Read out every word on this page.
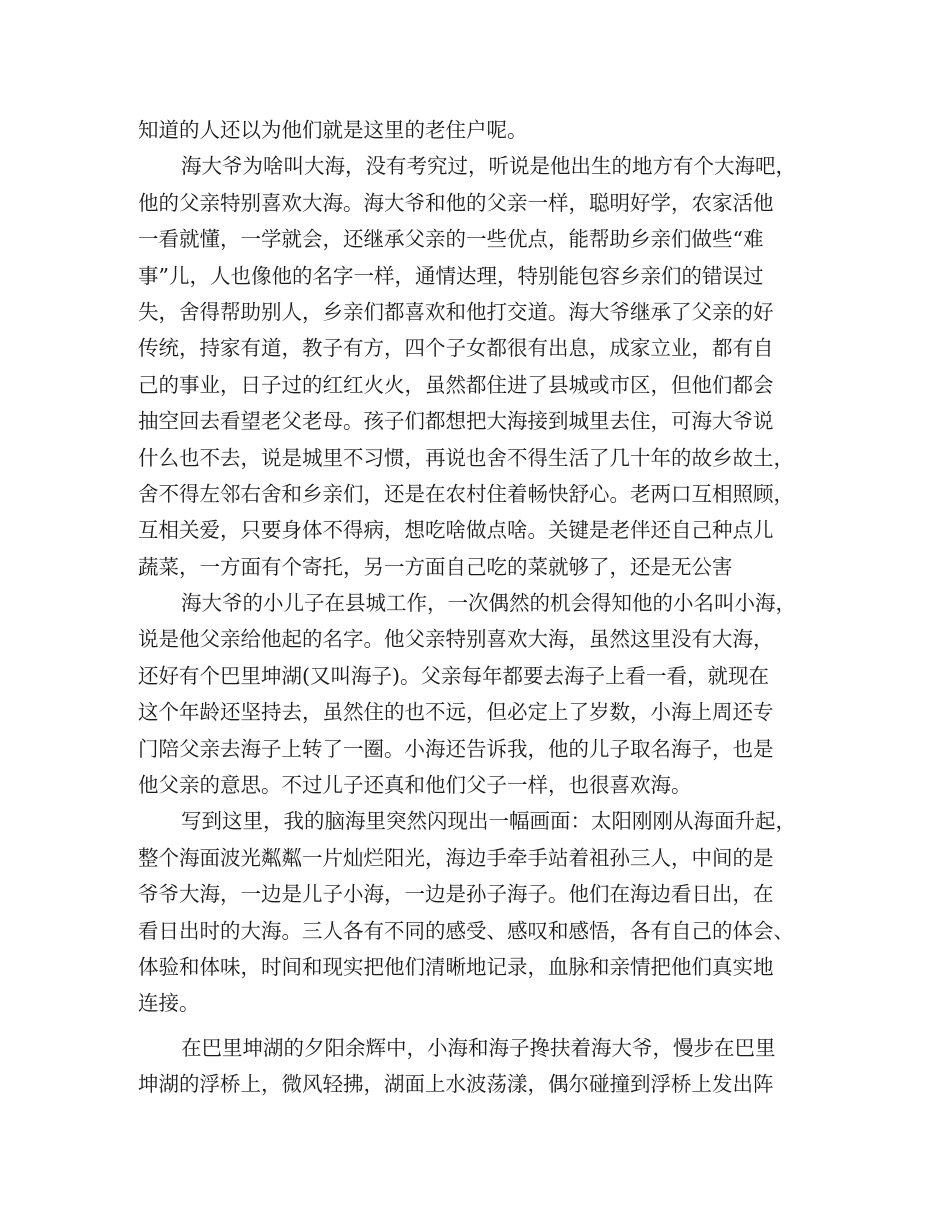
知道的人还以为他们就是这里的老住户呢。
海大爷为啥叫大海，没有考究过，听说是他出生的地方有个大海吧，
他的父亲特别喜欢大海。海大爷和他的父亲一样，聪明好学，农家活他
一看就懂，一学就会，还继承父亲的一些优点，能帮助乡亲们做些“难
事”儿，人也像他的名字一样，通情达理，特别能包容乡亲们的错误过
失，舍得帮助别人，乡亲们都喜欢和他打交道。海大爷继承了父亲的好
传统，持家有道，教子有方，四个子女都很有出息，成家立业，都有自
己的事业，日子过的红红火火，虽然都住进了县城或市区，但他们都会
抽空回去看望老父老母。孩子们都想把大海接到城里去住，可海大爷说
什么也不去，说是城里不习惯，再说也舍不得生活了几十年的故乡故土，
舍不得左邻右舍和乡亲们，还是在农村住着畅快舒心。老两口互相照顾，
互相关爱，只要身体不得病，想吃啥做点啥。关键是老伴还自己种点儿
蔬菜，一方面有个寄托，另一方面自己吃的菜就够了，还是无公害
海大爷的小儿子在县城工作，一次偶然的机会得知他的小名叫小海，
说是他父亲给他起的名字。他父亲特别喜欢大海，虽然这里没有大海，
还好有个巴里坤湖(又叫海子)。父亲每年都要去海子上看一看，就现在
这个年龄还坚持去，虽然住的也不远，但必定上了岁数，小海上周还专
门陪父亲去海子上转了一圈。小海还告诉我，他的儿子取名海子，也是
他父亲的意思。不过儿子还真和他们父子一样，也很喜欢海。
写到这里，我的脑海里突然闪现出一幅画面：太阳刚刚从海面升起，
整个海面波光粼粼一片灿烂阳光，海边手牵手站着祖孙三人，中间的是
爷爷大海，一边是儿子小海，一边是孙子海子。他们在海边看日出，在
看日出时的大海。三人各有不同的感受、感叹和感悟，各有自己的体会、
体验和体味，时间和现实把他们清晰地记录，血脉和亲情把他们真实地
连接。
在巴里坤湖的夕阳余辉中，小海和海子搀扶着海大爷，慢步在巴里
坤湖的浮桥上，微风轻拂，湖面上水波荡漾，偶尔碰撞到浮桥上发出阵
